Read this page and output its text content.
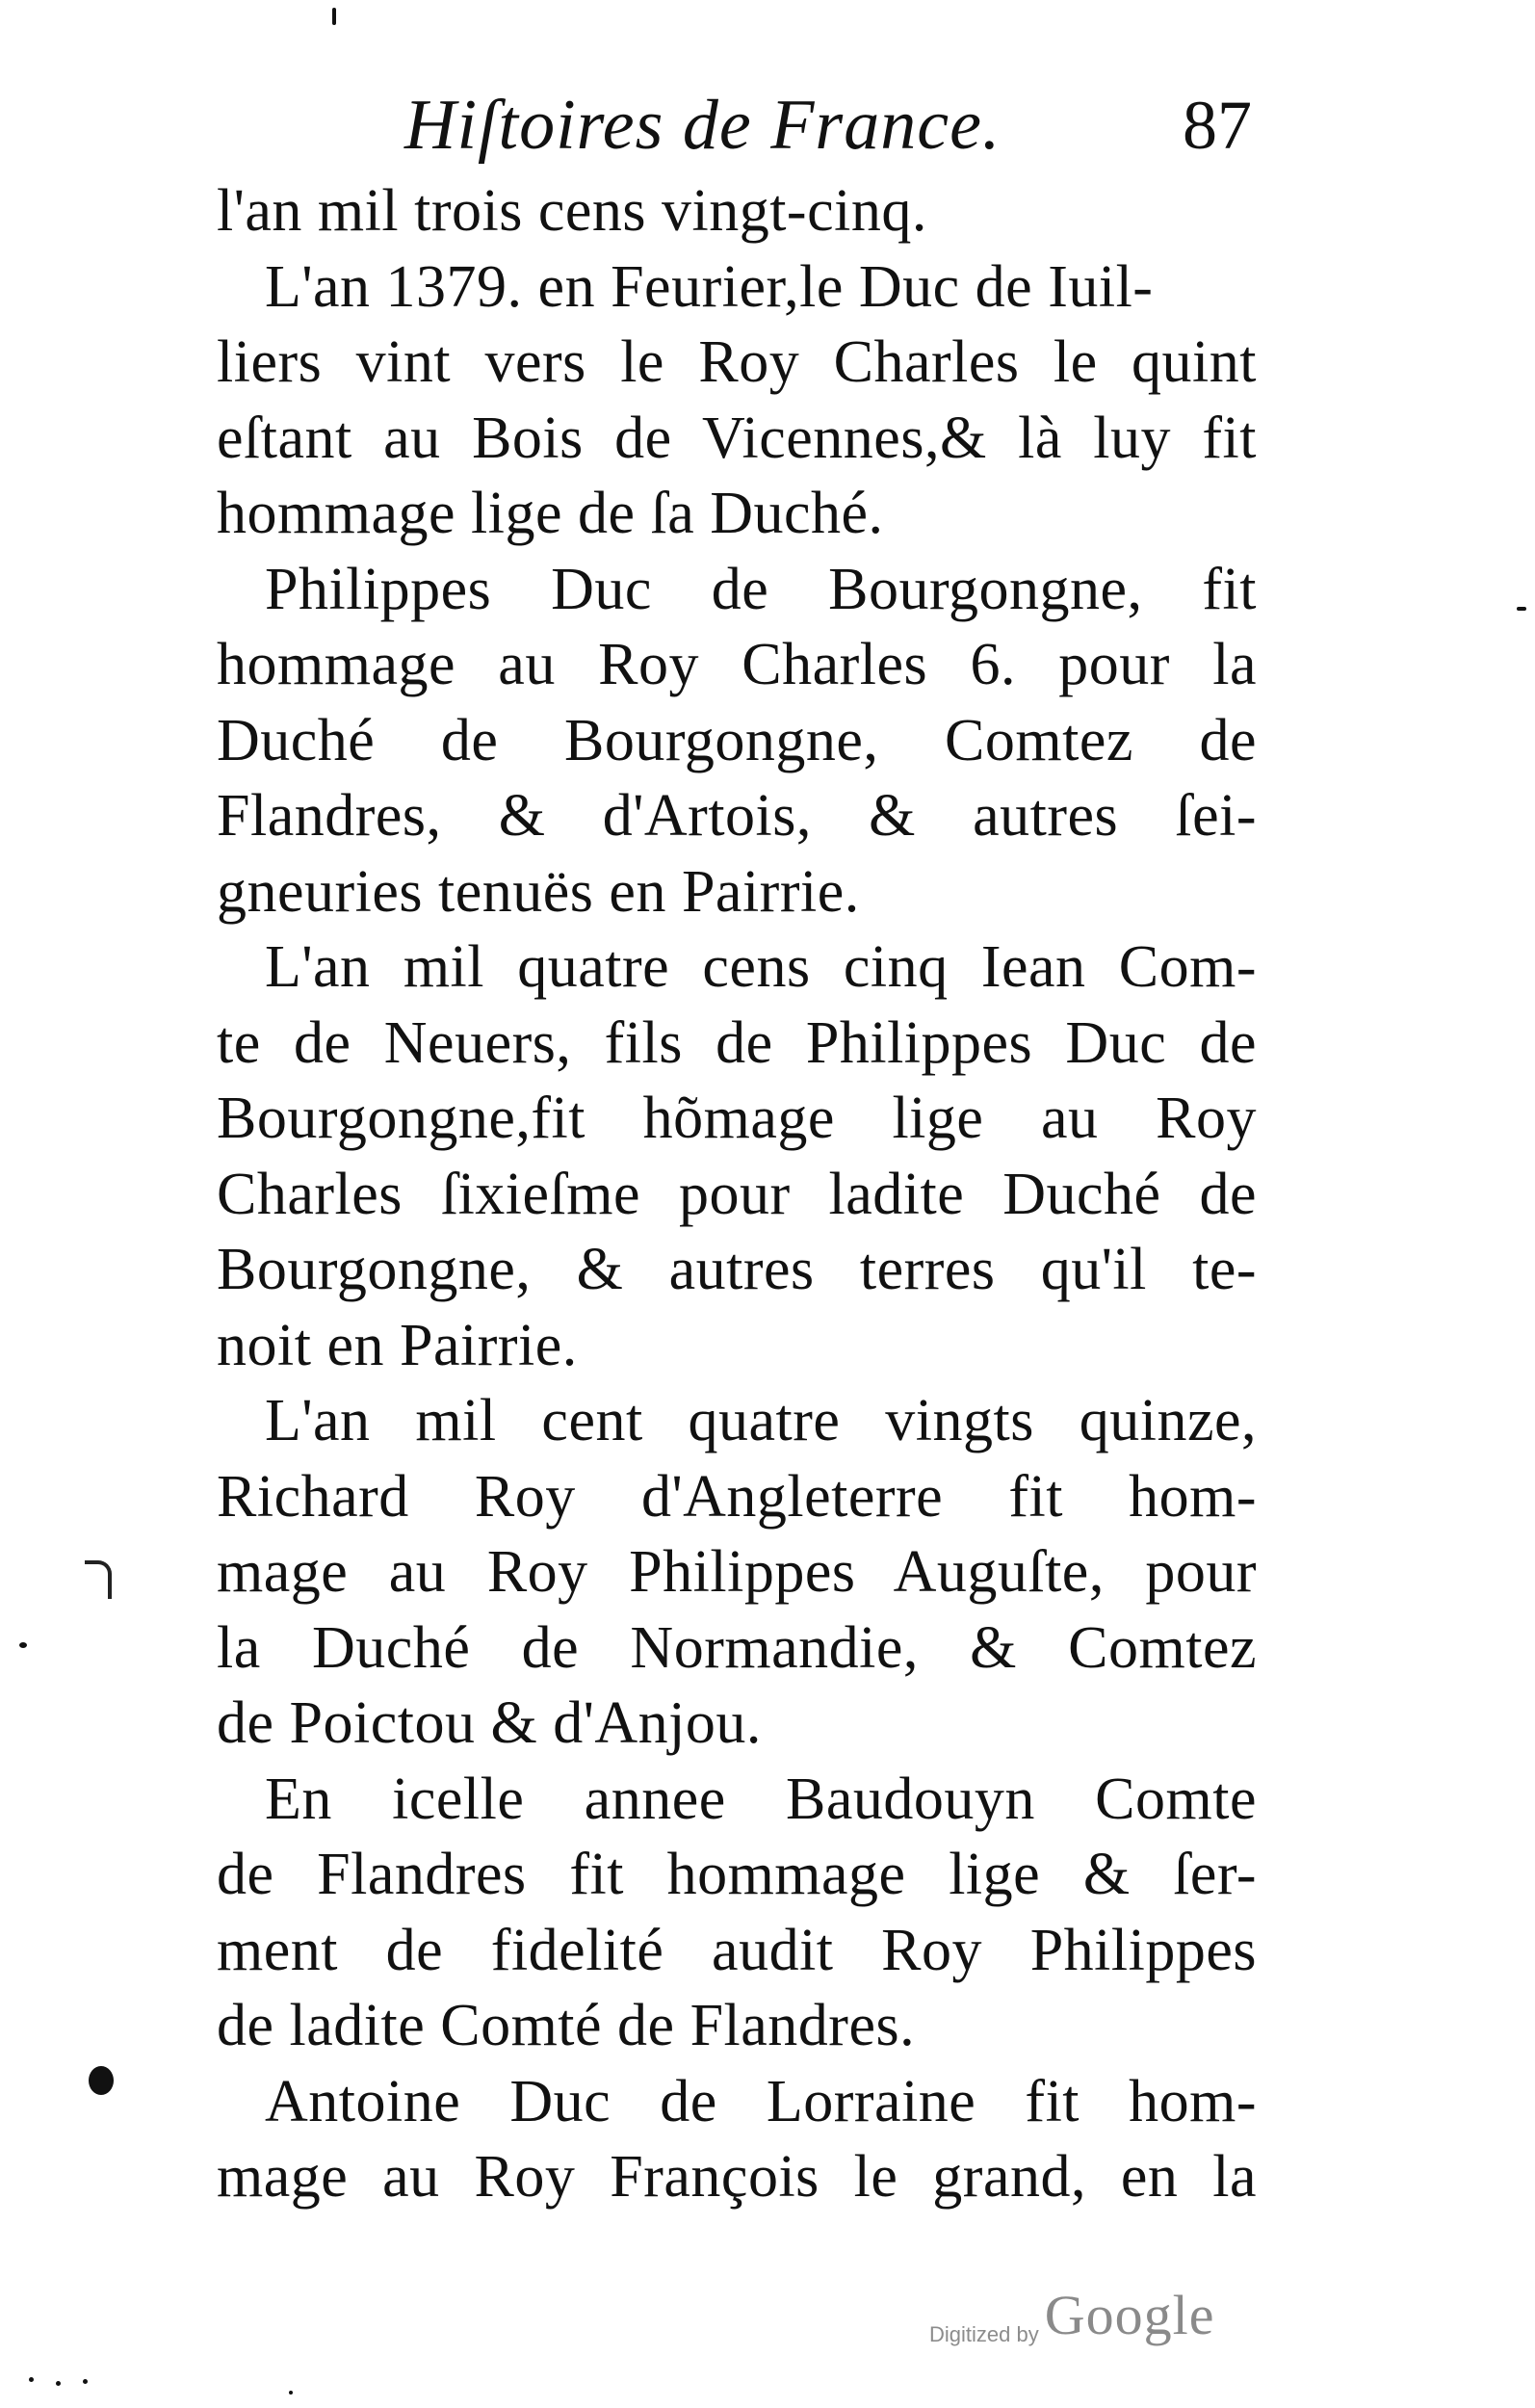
Hiſtoires de France.	87
l'an mil trois cens vingt-cinq.
L'an 1379. en Feurier,le Duc de Iuil-
liers vint vers le Roy Charles le quint
eſtant au Bois de Vicennes,& là luy fit
hommage lige de ſa Duché.
Philippes Duc de Bourgongne, fit
hommage au Roy Charles 6. pour la
Duché de Bourgongne, Comtez de
Flandres, & d'Artois, & autres ſei-
gneuries tenuës en Pairrie.
L'an mil quatre cens cinq Iean Com-
te de Neuers, fils de Philippes Duc de
Bourgongne,fit hõmage lige au Roy
Charles ſixieſme pour ladite Duché de
Bourgongne, & autres terres qu'il te-
noit en Pairrie.
L'an mil cent quatre vingts quinze,
Richard Roy d'Angleterre fit hom-
mage au Roy Philippes Auguſte, pour
la Duché de Normandie, & Comtez
de Poictou & d'Anjou.
En icelle annee Baudouyn Comte
de Flandres fit hommage lige & ſer-
ment de fidelité audit Roy Philippes
de ladite Comté de Flandres.
Antoine Duc de Lorraine fit hom-
mage au Roy François le grand, en la
Digitized by Google
